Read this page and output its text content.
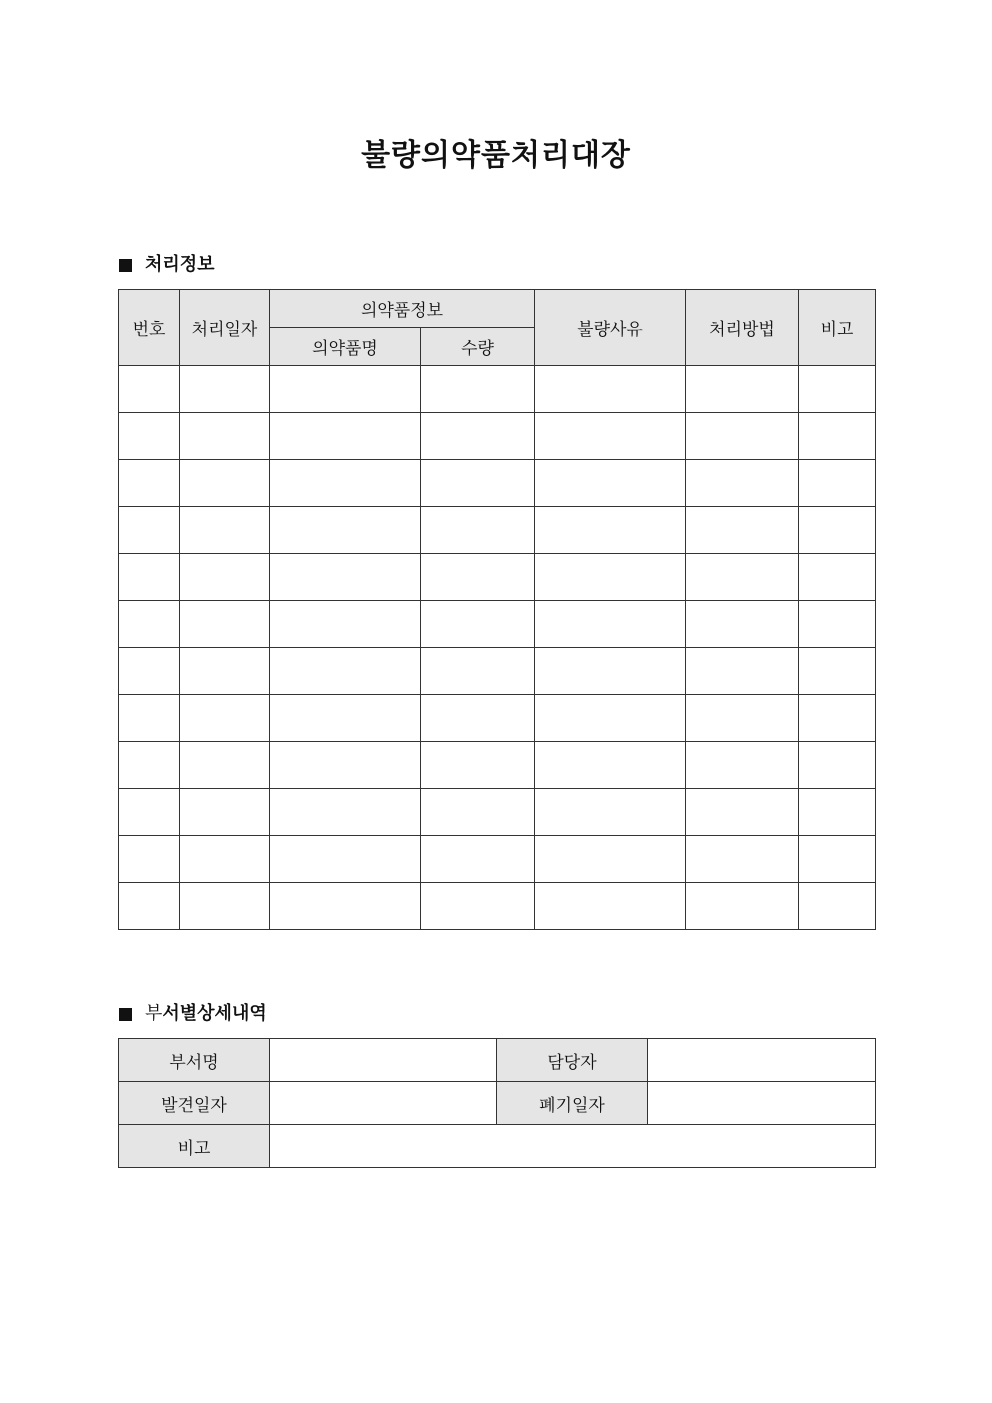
불량의약품처리대장
처리정보
번호	처리일자	의약품정보		불량사유	처리방법	비고
		의약품명	수량			

부 서별상세내역
부서명		담당자	
발견일자		폐기일자	
비고			
